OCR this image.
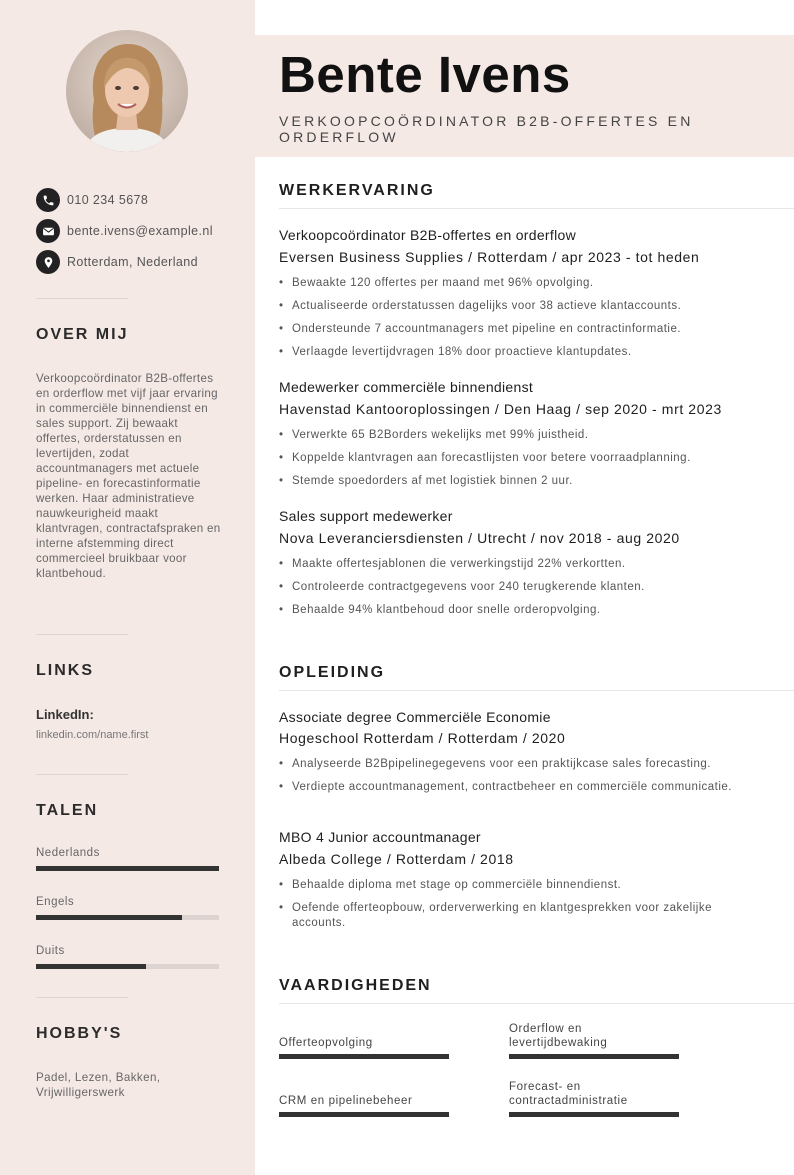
010 234 5678
bente.ivens@example.nl
Rotterdam, Nederland
OVER MIJ
Verkoopcoördinator B2B-offertes en orderflow met vijf jaar ervaring in commerciële binnendienst en sales support. Zij bewaakt offertes, orderstatussen en levertijden, zodat accountmanagers met actuele pipeline- en forecastinformatie werken. Haar administratieve nauwkeurigheid maakt klantvragen, contractafspraken en interne afstemming direct commercieel bruikbaar voor klantbehoud.
LINKS
LinkedIn:
linkedin.com/name.first
TALEN
Nederlands
Engels
Duits
HOBBY'S
Padel, Lezen, Bakken, Vrijwilligerswerk
Bente Ivens
VERKOOPCOÖRDINATOR B2B-OFFERTES EN ORDERFLOW
WERKERVARING
Verkoopcoördinator B2B-offertes en orderflow
Eversen Business Supplies / Rotterdam / apr 2023 - tot heden
• Bewaakte 120 offertes per maand met 96% opvolging.
• Actualiseerde orderstatussen dagelijks voor 38 actieve klantaccounts.
• Ondersteunde 7 accountmanagers met pipeline en contractinformatie.
• Verlaagde levertijdvragen 18% door proactieve klantupdates.
Medewerker commerciële binnendienst
Havenstad Kantooroplossingen / Den Haag / sep 2020 - mrt 2023
• Verwerkte 65 B2Borders wekelijks met 99% juistheid.
• Koppelde klantvragen aan forecastlijsten voor betere voorraadplanning.
• Stemde spoedorders af met logistiek binnen 2 uur.
Sales support medewerker
Nova Leveranciersdiensten / Utrecht / nov 2018 - aug 2020
• Maakte offertesjablonen die verwerkingstijd 22% verkortten.
• Controleerde contractgegevens voor 240 terugkerende klanten.
• Behaalde 94% klantbehoud door snelle orderopvolging.
OPLEIDING
Associate degree Commerciële Economie
Hogeschool Rotterdam / Rotterdam / 2020
• Analyseerde B2Bpipelinegegevens voor een praktijkcase sales forecasting.
• Verdiepte accountmanagement, contractbeheer en commerciële communicatie.
MBO 4 Junior accountmanager
Albeda College / Rotterdam / 2018
• Behaalde diploma met stage op commerciële binnendienst.
• Oefende offerteopbouw, orderverwerking en klantgesprekken voor zakelijke accounts.
VAARDIGHEDEN
Offerteopvolging
Orderflow en levertijdbewaking
CRM en pipelinebeheer
Forecast- en contractadministratie
